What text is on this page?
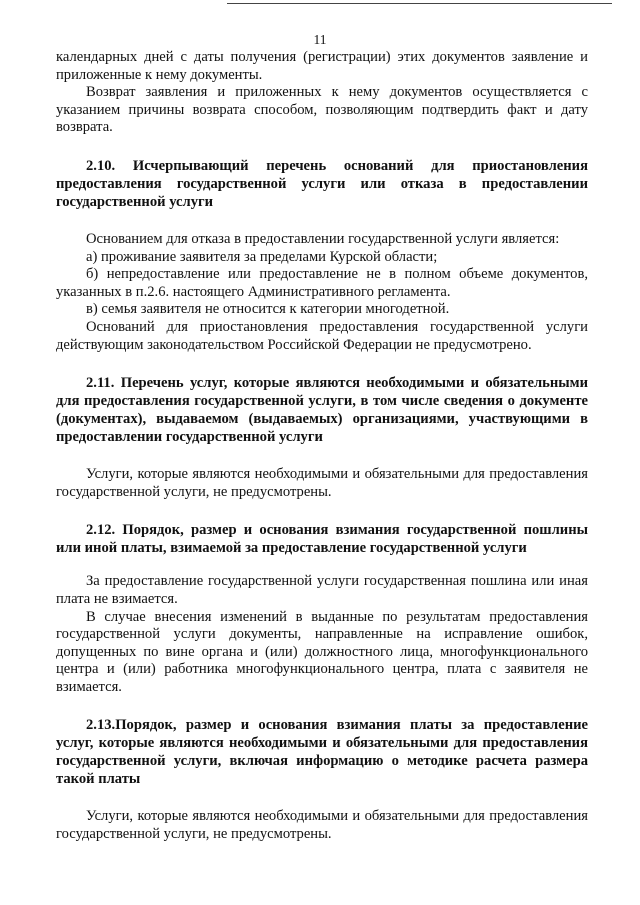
11

календарных дней с даты получения (регистрации) этих документов заявление и приложенные к нему документы.

Возврат заявления и приложенных к нему документов осуществляется с указанием причины возврата способом, позволяющим подтвердить факт и дату возврата.

2.10. Исчерпывающий перечень оснований для приостановления предоставления государственной услуги или отказа в предоставлении государственной услуги

Основанием для отказа в предоставлении государственной услуги является:

а) проживание заявителя за пределами Курской области;

б) непредоставление или предоставление не в полном объеме документов, указанных в п.2.6. настоящего Административного регламента.

в) семья заявителя не относится к категории многодетной.

Оснований для приостановления предоставления государственной услуги действующим законодательством Российской Федерации не предусмотрено.

2.11. Перечень услуг, которые являются необходимыми и обязательными для предоставления государственной услуги, в том числе сведения о документе (документах), выдаваемом (выдаваемых) организациями, участвующими в предоставлении государственной услуги

Услуги, которые являются необходимыми и обязательными для предоставления государственной услуги, не предусмотрены.

2.12. Порядок, размер и основания взимания государственной пошлины или иной платы, взимаемой за предоставление государственной услуги

За предоставление государственной услуги государственная пошлина или иная плата не взимается.

В случае внесения изменений в выданные по результатам предоставления государственной услуги документы, направленные на исправление ошибок, допущенных по вине органа и (или) должностного лица, многофункционального центра и (или) работника многофункционального центра, плата с заявителя не взимается.

2.13.Порядок, размер и основания взимания платы за предоставление услуг, которые являются необходимыми и обязательными для предоставления государственной услуги, включая информацию о методике расчета размера такой платы

Услуги, которые являются необходимыми и обязательными для предоставления государственной услуги, не предусмотрены.
